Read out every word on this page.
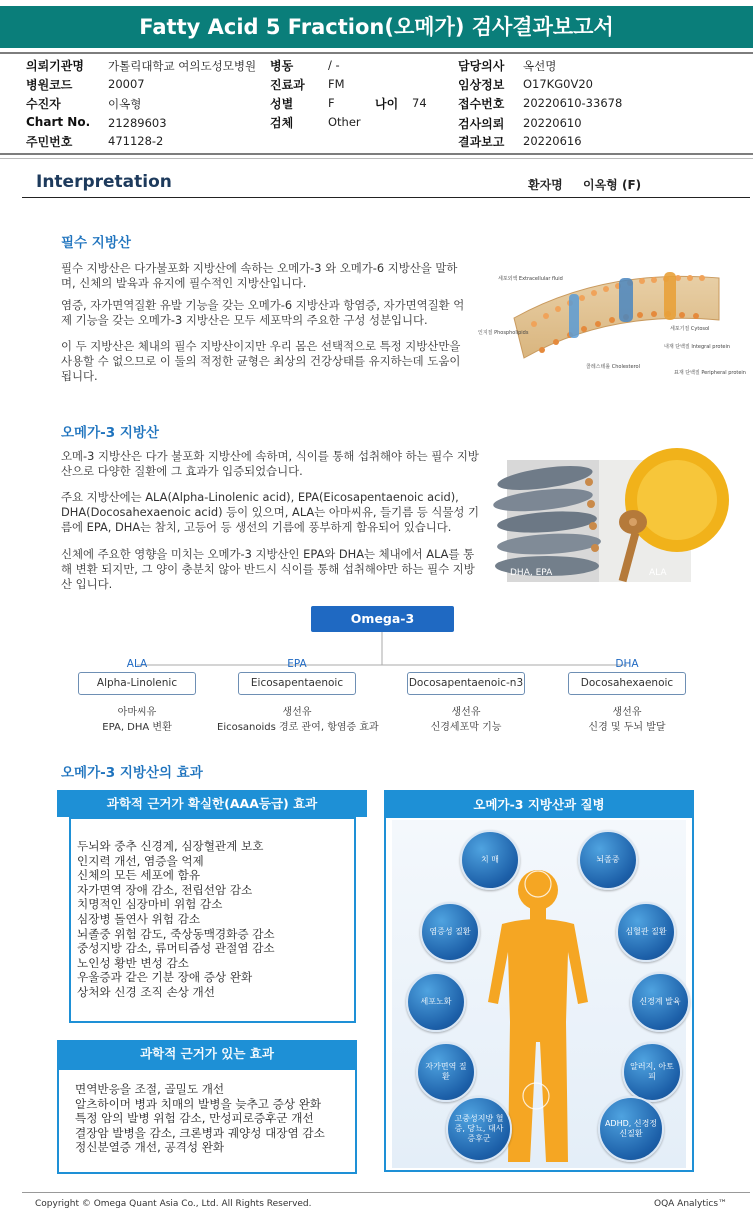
Fatty Acid 5 Fraction(오메가) 검사결과보고서
의뢰기관명 가톨릭대학교 여의도성모병원 병동	/ -	담당의사 옥선명
병원코드	20007	진료과 FM	임상정보 O17KG0V20
수진자	이옥형	성별	F	나이 74	접수번호 20220610-33678
Chart No. 21289603	검체	Other	검사의뢰 20220610
주민번호	471128-2	결과보고 20220616
Interpretation	환자명 이옥형 (F)
필수 지방산

필수 지방산은 다가불포화 지방산에 속하는 오메가-3 와 오메가-6 지방산을 말하며, 신체의 발육과 유지에 필수적인 지방산입니다.

염증, 자가면역질환 유발 기능을 갖는 오메가-6 지방산과 항염증, 자가면역질환 억제 기능을 갖는 오메가-3 지방산은 모두 세포막의 주요한 구성 성분입니다.

이 두 지방산은 체내의 필수 지방산이지만 우리 몸은 선택적으로 특정 지방산만을 사용할 수 없으므로 이 둘의 적정한 균형은 최상의 건강상태를 유지하는데 도움이 됩니다.

세포외액 Extracellular fluid
세포기질 Cytosol
인지질 Phospholipids
콜레스테롤 Cholesterol
내재 단백질 Integral protein
표재 단백질 Peripheral protein
오메가-3 지방산

오메-3 지방산은 다가 불포화 지방산에 속하며, 식이를 통해 섭취해야 하는 필수 지방산으로 다양한 질환에 그 효과가 입증되었습니다.

주요 지방산에는 ALA(Alpha-Linolenic acid), EPA(Eicosapentaenoic acid), DHA(Docosahexaenoic acid) 등이 있으며, ALA는 아마씨유, 들기름 등 식물성 기름에 EPA, DHA는 참치, 고등어 등 생선의 기름에 풍부하게 함유되어 있습니다.

신체에 주요한 영향을 미치는 오메가-3 지방산인 EPA와 DHA는 체내에서 ALA를 통해 변환 되지만, 그 양이 충분치 않아 반드시 식이를 통해 섭취해야만 하는 필수 지방산 입니다.

DHA, EPA	ALA
Omega-3
ALA
Alpha-Linolenic
아마씨유
EPA, DHA 변환
EPA
Eicosapentaenoic
생선유
Eicosanoids 경로 관여, 항염증 효과
Docosapentaenoic-n3
생선유
신경세포막 기능
DHA
Docosahexaenoic
생선유
신경 및 두뇌 발달
오메가-3 지방산의 효과
과학적 근거가 확실한(AAA등급) 효과
두뇌와 중추 신경계, 심장혈관계 보호
인지력 개선, 염증을 억제
신체의 모든 세포에 함유
자가면역 장애 감소, 전립선암 감소
치명적인 심장마비 위험 감소
심장병 돌연사 위험 감소
뇌졸중 위험 감도, 죽상동맥경화증 감소
중성지방 감소, 류머티즘성 관절염 감소
노인성 황반 변성 감소
우울증과 같은 기분 장애 증상 완화
상처와 신경 조직 손상 개선
과학적 근거가 있는 효과
면역반응을 조절, 골밀도 개선
알츠하이머 병과 치매의 발병을 늦추고 증상 완화
특정 암의 발병 위험 감소, 만성피로증후군 개선
결장암 발병을 감소, 크론병과 궤양성 대장염 감소
정신분열증 개선, 공격성 완화
오메가-3 지방산과 질병
치 매	뇌졸중
염증성 질환	심혈관 질환
세포노화	신경계 발육
자가면역 질환
알러지, 아토피
고중성지방 혈증, 당뇨, 대사증후군
ADHD, 신경정신질환
Copyright © Omega Quant Asia Co., Ltd. All Rights Reserved.	OQA Analytics™
